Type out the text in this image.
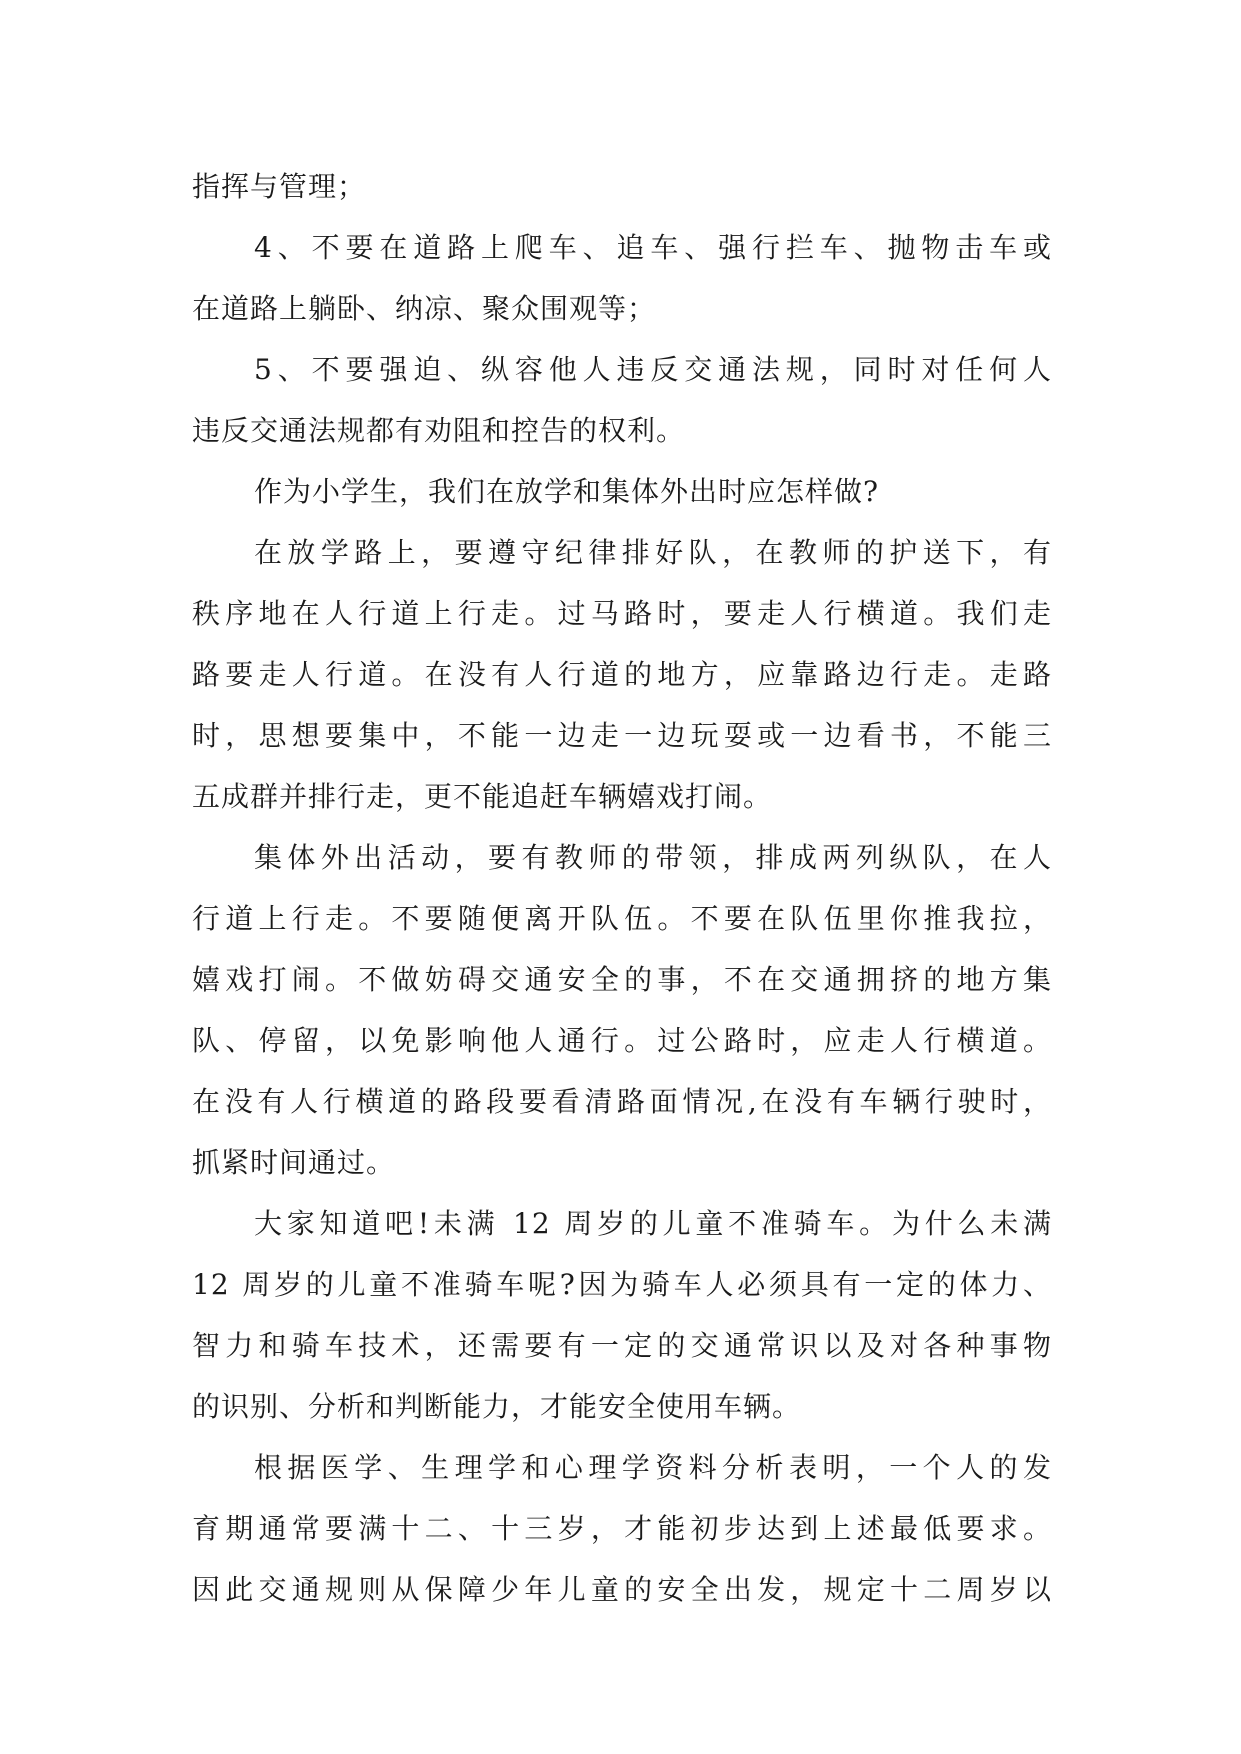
指挥与管理；
4、不要在道路上爬车、追车、强行拦车、抛物击车或
在道路上躺卧、纳凉、聚众围观等；
5、不要强迫、纵容他人违反交通法规，同时对任何人
违反交通法规都有劝阻和控告的权利。
作为小学生，我们在放学和集体外出时应怎样做?
在放学路上，要遵守纪律排好队，在教师的护送下，有
秩序地在人行道上行走。过马路时，要走人行横道。我们走
路要走人行道。在没有人行道的地方，应靠路边行走。走路
时，思想要集中，不能一边走一边玩耍或一边看书，不能三
五成群并排行走，更不能追赶车辆嬉戏打闹。
集体外出活动，要有教师的带领，排成两列纵队，在人
行道上行走。不要随便离开队伍。不要在队伍里你推我拉，
嬉戏打闹。不做妨碍交通安全的事，不在交通拥挤的地方集
队、停留，以免影响他人通行。过公路时，应走人行横道。
在没有人行横道的路段要看清路面情况,在没有车辆行驶时，
抓紧时间通过。
大家知道吧!未满 12 周岁的儿童不准骑车。为什么未满
12 周岁的儿童不准骑车呢?因为骑车人必须具有一定的体力、
智力和骑车技术，还需要有一定的交通常识以及对各种事物
的识别、分析和判断能力，才能安全使用车辆。
根据医学、生理学和心理学资料分析表明，一个人的发
育期通常要满十二、十三岁，才能初步达到上述最低要求。
因此交通规则从保障少年儿童的安全出发，规定十二周岁以
